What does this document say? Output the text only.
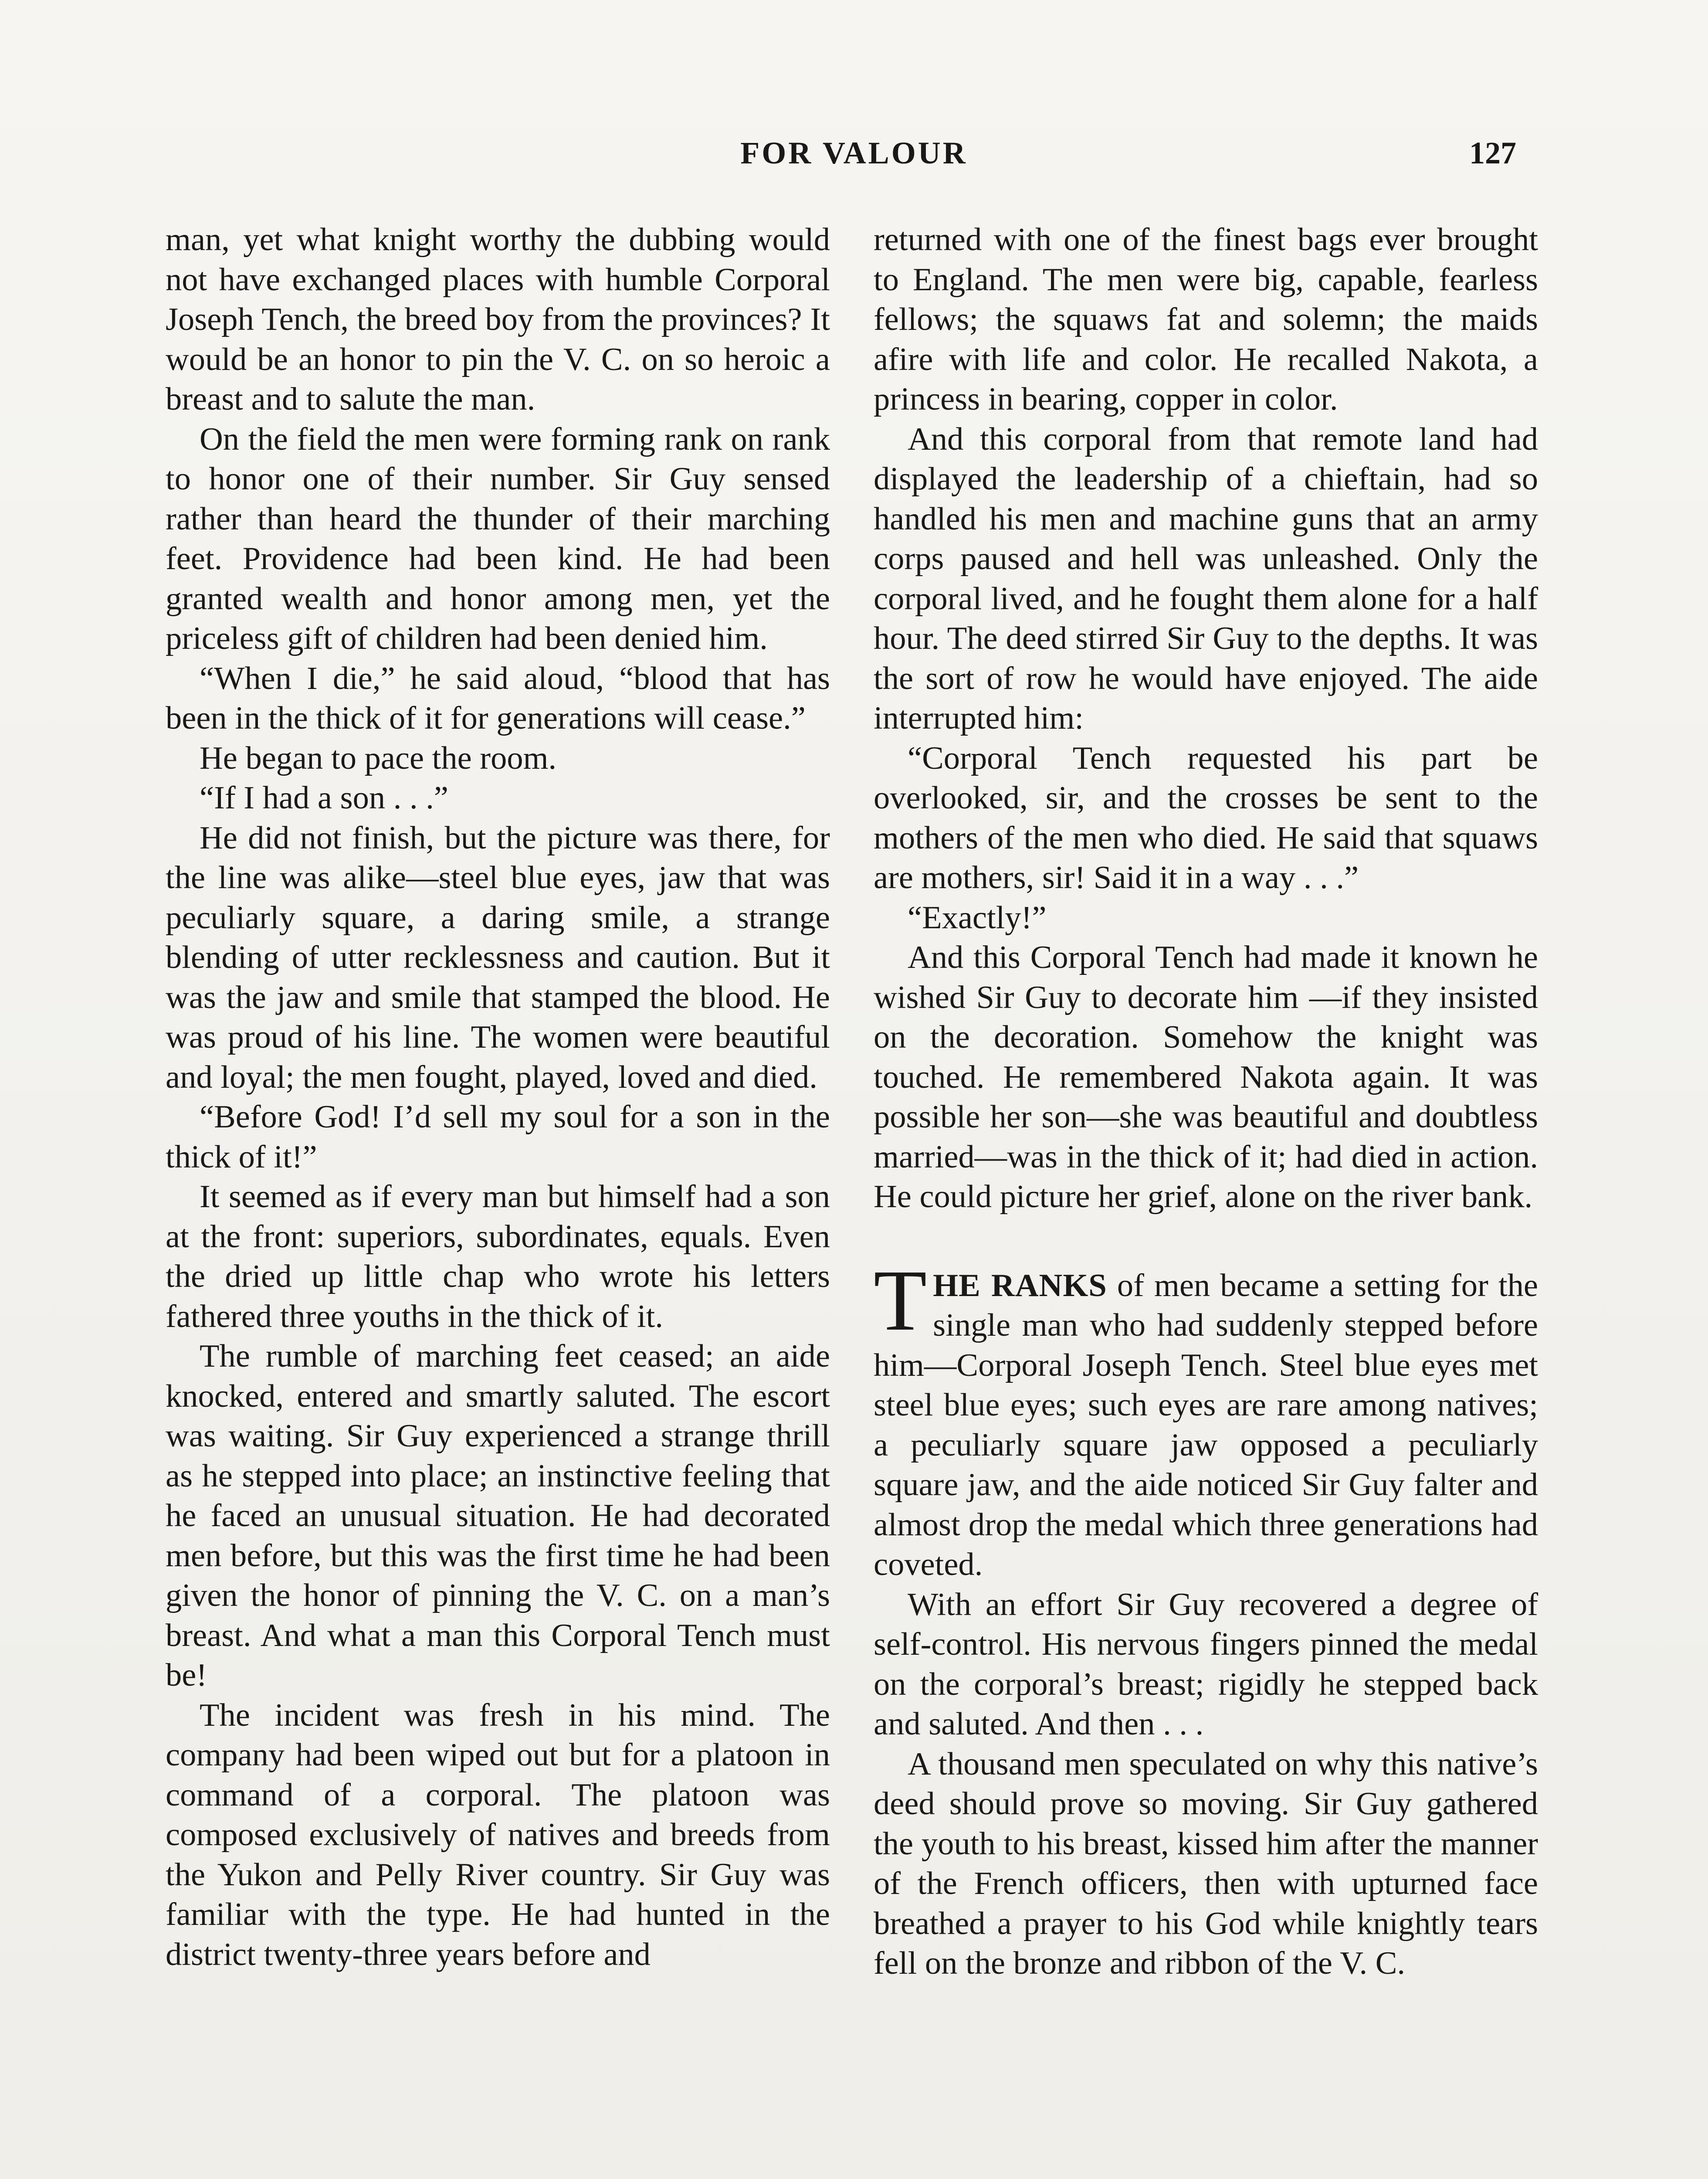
FOR VALOUR	127

man, yet what knight worthy the dubbing would not have exchanged places with humble Corporal Joseph Tench, the breed boy from the provinces? It would be an honor to pin the V. C. on so heroic a breast and to salute the man.

On the field the men were forming rank on rank to honor one of their number. Sir Guy sensed rather than heard the thunder of their marching feet. Providence had been kind. He had been granted wealth and honor among men, yet the priceless gift of children had been denied him.

“When I die,” he said aloud, “blood that has been in the thick of it for generations will cease.”

He began to pace the room.

“If I had a son . . .”

He did not finish, but the picture was there, for the line was alike—steel blue eyes, jaw that was peculiarly square, a daring smile, a strange blending of utter recklessness and caution. But it was the jaw and smile that stamped the blood. He was proud of his line. The women were beautiful and loyal; the men fought, played, loved and died.

“Before God! I’d sell my soul for a son in the thick of it!”

It seemed as if every man but himself had a son at the front: superiors, subordinates, equals. Even the dried up little chap who wrote his letters fathered three youths in the thick of it.

The rumble of marching feet ceased; an aide knocked, entered and smartly saluted. The escort was waiting. Sir Guy experienced a strange thrill as he stepped into place; an instinctive feeling that he faced an unusual situation. He had decorated men before, but this was the first time he had been given the honor of pinning the V. C. on a man’s breast. And what a man this Corporal Tench must be!

The incident was fresh in his mind. The company had been wiped out but for a platoon in command of a corporal. The platoon was composed exclusively of natives and breeds from the Yukon and Pelly River country. Sir Guy was familiar with the type. He had hunted in the district twenty-three years before and

returned with one of the finest bags ever brought to England. The men were big, capable, fearless fellows; the squaws fat and solemn; the maids afire with life and color. He recalled Nakota, a princess in bearing, copper in color.

And this corporal from that remote land had displayed the leadership of a chieftain, had so handled his men and machine guns that an army corps paused and hell was unleashed. Only the corporal lived, and he fought them alone for a half hour. The deed stirred Sir Guy to the depths. It was the sort of row he would have enjoyed. The aide interrupted him:

“Corporal Tench requested his part be overlooked, sir, and the crosses be sent to the mothers of the men who died. He said that squaws are mothers, sir! Said it in a way . . .”

“Exactly!”

And this Corporal Tench had made it known he wished Sir Guy to decorate him —if they insisted on the decoration. Somehow the knight was touched. He remembered Nakota again. It was possible her son—she was beautiful and doubtless married—was in the thick of it; had died in action. He could picture her grief, alone on the river bank.

THE RANKS of men became a setting for the single man who had suddenly stepped before him—Corporal Joseph Tench. Steel blue eyes met steel blue eyes; such eyes are rare among natives; a peculiarly square jaw opposed a peculiarly square jaw, and the aide noticed Sir Guy falter and almost drop the medal which three generations had coveted.

With an effort Sir Guy recovered a degree of self-control. His nervous fingers pinned the medal on the corporal’s breast; rigidly he stepped back and saluted. And then . . .

A thousand men speculated on why this native’s deed should prove so moving. Sir Guy gathered the youth to his breast, kissed him after the manner of the French officers, then with upturned face breathed a prayer to his God while knightly tears fell on the bronze and ribbon of the V. C.
